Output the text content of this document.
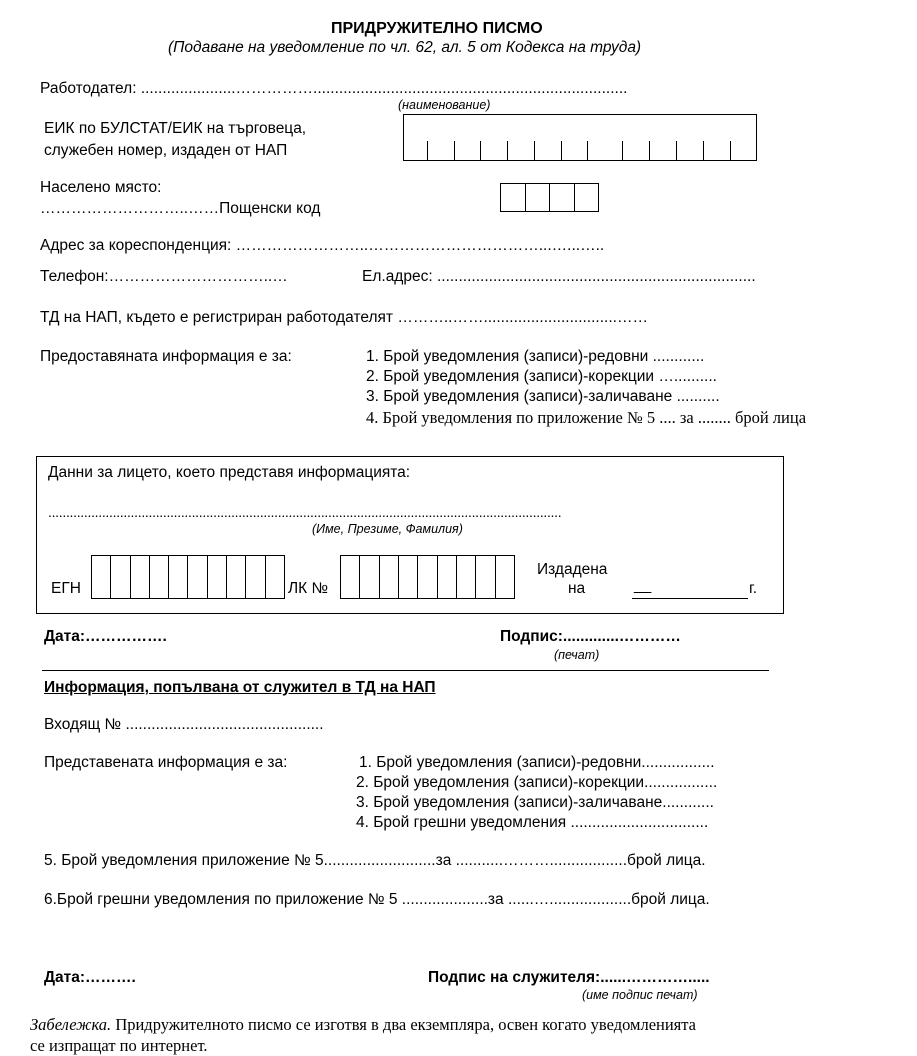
ПРИДРУЖИТЕЛНО ПИСМО
(Подаване на уведомление по чл. 62, ал. 5 от Кодекса на труда)
Работодател: ......................…………….........................................................................
(наименование)
ЕИК по БУЛСТАТ/ЕИК на търговеца,
служебен номер, издаден от НАП
Населено място:
………………………..……Пощенски код
Адрес за кореспонденция: ……………………..……………………………...…...…..
Телефон:…………………………..…	Ел.адрес: ..........................................................................
ТД на НАП, където е регистриран работодателят ………..……...............................……
Предоставяната информация е за:	1. Брой уведомления (записи)-редовни ............
2. Брой уведомления (записи)-корекции …..........
3. Брой уведомления (записи)-заличаване ..........
4. Брой уведомления по приложение № 5 .... за ........ брой лица
Данни за лицето, което представя информацията:
...............................................................................................................................................
(Име, Презиме, Фамилия)
ЕГН	ЛК №
Издадена
на	__	г.
Дата:…………….	Подпис:.............…………
(печат)
Информация, попълвана от служител в ТД на НАП
Входящ № ..............................................
Представената информация е за:	1. Брой уведомления (записи)-редовни.................
2. Брой уведомления (записи)-корекции.................
3. Брой уведомления (записи)-заличаване............
4. Брой грешни уведомления ................................
5. Брой уведомления приложение № 5..........................за ...........………..................брой лица.
6.Брой грешни уведомления по приложение № 5 ....................за ......…...................брой лица.
Дата:……….	Подпис на служителя:......………….....
(име подпис печат)
Забележка. Придружителното писмо се изготвя в два екземпляра, освен когато уведомленията
се изпращат по интернет.
